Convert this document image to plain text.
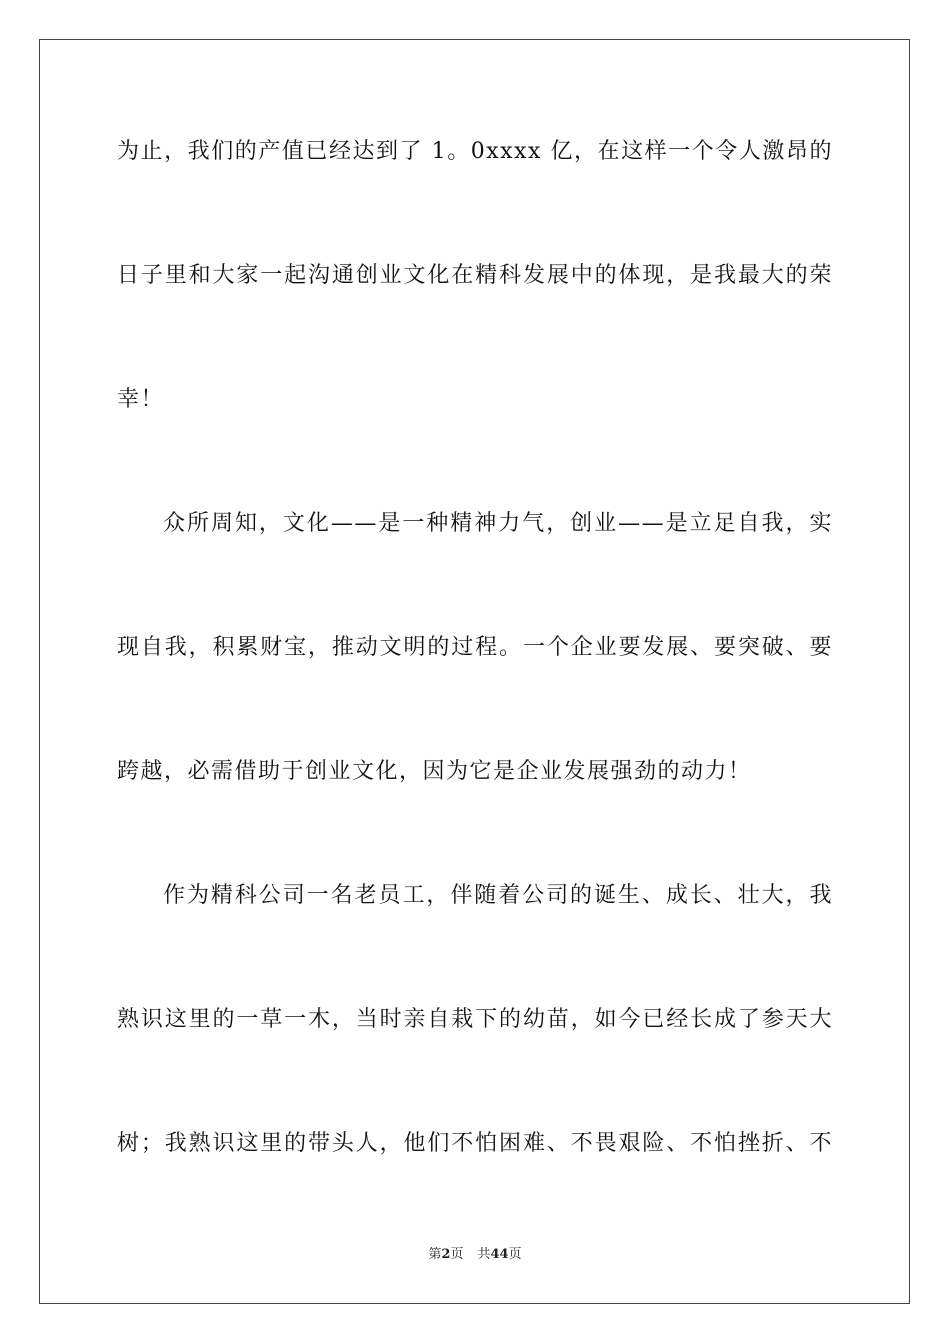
为止，我们的产值已经达到了 1。0xxxx 亿，在这样一个令人激昂的
日子里和大家一起沟通创业文化在精科发展中的体现，是我最大的荣
幸！
众所周知，文化——是一种精神力气，创业——是立足自我，实
现自我，积累财宝，推动文明的过程。一个企业要发展、要突破、要
跨越，必需借助于创业文化，因为它是企业发展强劲的动力！
作为精科公司一名老员工，伴随着公司的诞生、成长、壮大，我
熟识这里的一草一木，当时亲自栽下的幼苗，如今已经长成了参天大
树；我熟识这里的带头人，他们不怕困难、不畏艰险、不怕挫折、不
第2页 共44页
